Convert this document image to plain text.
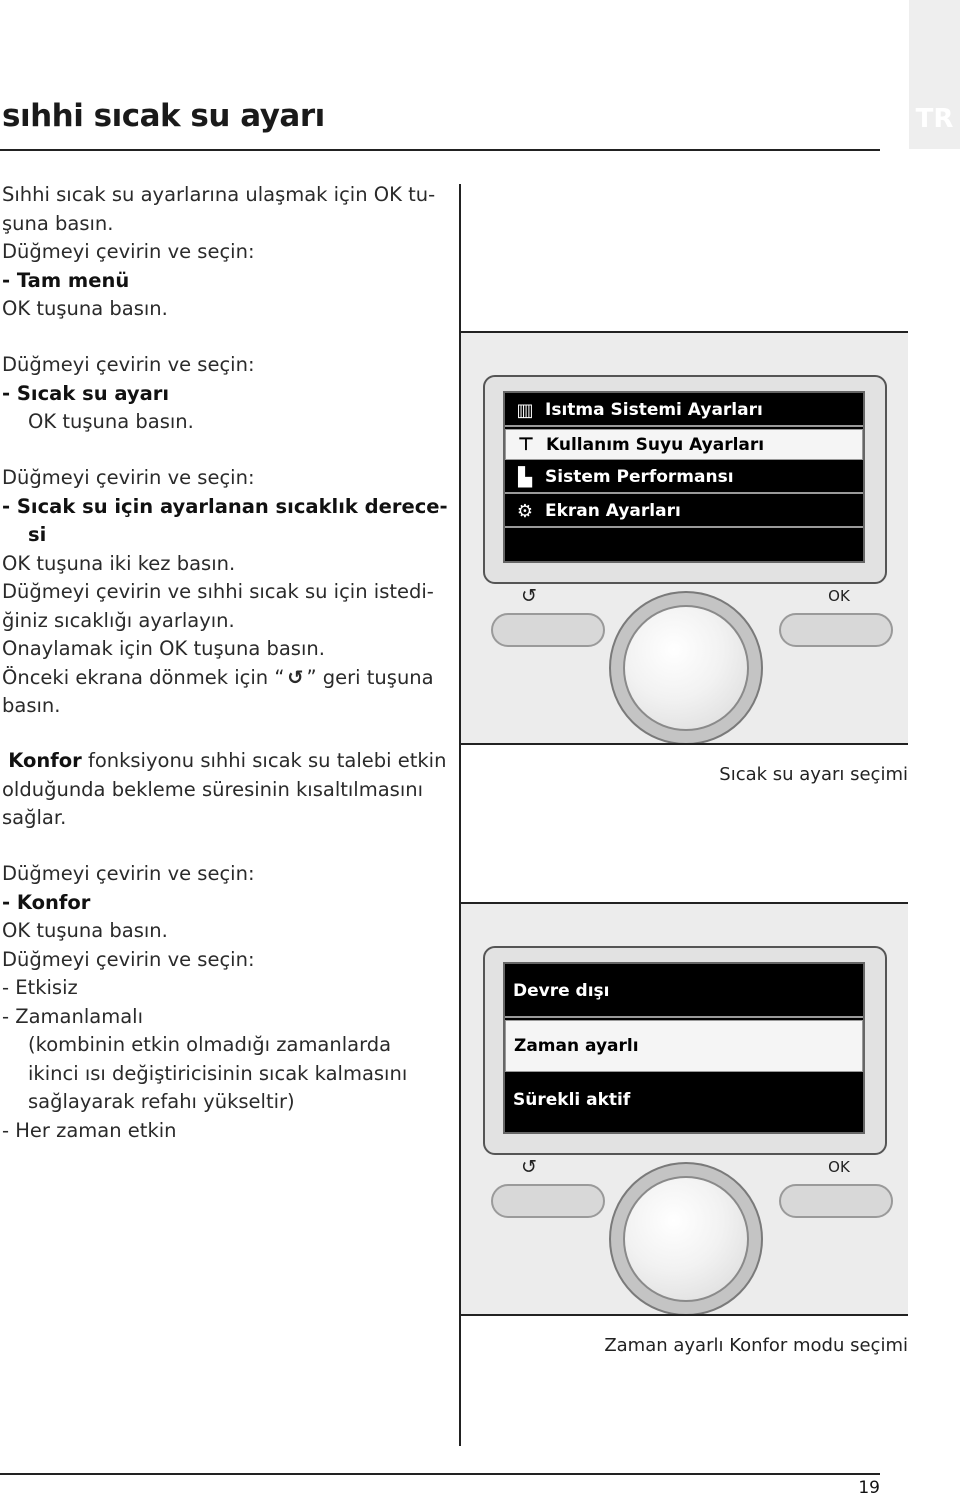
sıhhi sıcak su ayarı	TR
Sıhhi sıcak su ayarlarına ulaşmak için OK tu-
şuna basın.
Düğmeyi çevirin ve seçin:
- Tam menü
OK tuşuna basın.
Düğmeyi çevirin ve seçin:
- Sıcak su ayarı
OK tuşuna basın.
Düğmeyi çevirin ve seçin:
- Sıcak su için ayarlanan sıcaklık derece-
si
OK tuşuna iki kez basın.
Düğmeyi çevirin ve sıhhi sıcak su için istedi-
ğiniz sıcaklığı ayarlayın.
Onaylamak için OK tuşuna basın.
Önceki ekrana dönmek için “ ↺ ” geri tuşuna
basın.
Konfor fonksiyonu sıhhi sıcak su talebi etkin
olduğunda bekleme süresinin kısaltılmasını
sağlar.
Düğmeyi çevirin ve seçin:
- Konfor
OK tuşuna basın.
Düğmeyi çevirin ve seçin:
- Etkisiz
- Zamanlamalı
(kombinin etkin olmadığı zamanlarda
ikinci ısı değiştiricisinin sıcak kalmasını
sağlayarak refahı yükseltir)
- Her zaman etkin
▥ Isıtma Sistemi Ayarları
⊤ Kullanım Suyu Ayarları
▙ Sistem Performansı
⚙ Ekran Ayarları
↺	OK
Sıcak su ayarı seçimi
Devre dışı
Zaman ayarlı
Sürekli aktif
↺	OK
Zaman ayarlı Konfor modu seçimi
19
